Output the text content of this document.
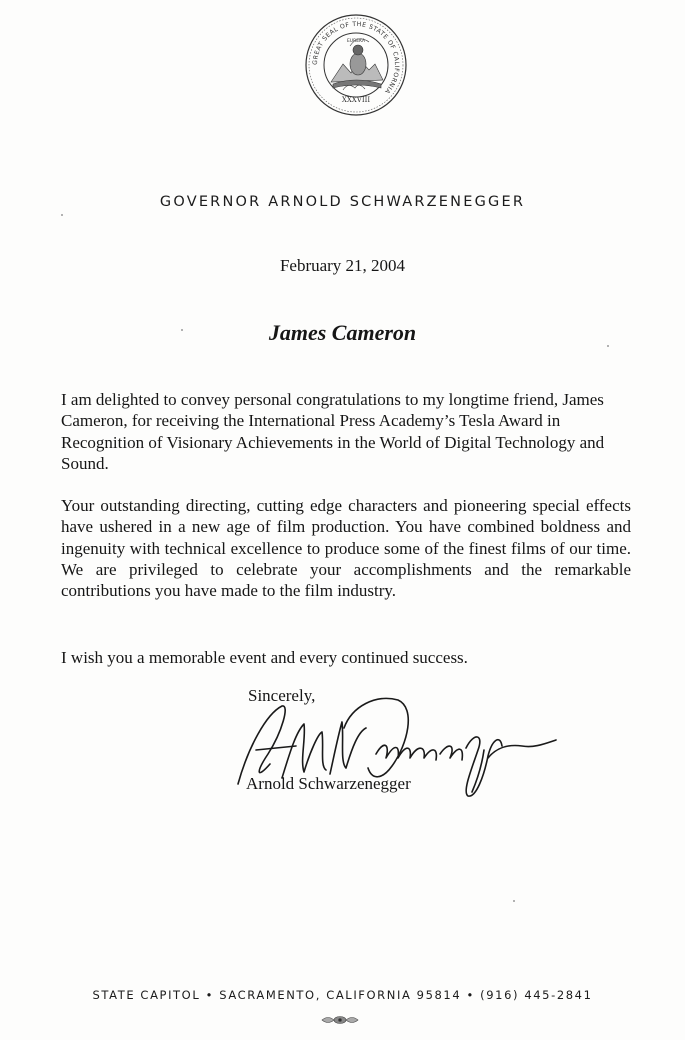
GREAT SEAL OF THE STATE OF CALIFORNIA
XXXVIII
EUREKA
GOVERNOR ARNOLD SCHWARZENEGGER
February 21, 2004
James Cameron

I am delighted to convey personal congratulations to my longtime friend, James Cameron, for receiving the International Press Academy’s Tesla Award in Recognition of Visionary Achievements in the World of Digital Technology and Sound.

Your outstanding directing, cutting edge characters and pioneering special effects have ushered in a new age of film production. You have combined boldness and ingenuity with technical excellence to produce some of the finest films of our time. We are privileged to celebrate your accomplishments and the remarkable contributions you have made to the film industry.

I wish you a memorable event and every continued success.

Sincerely,
Arnold Schwarzenegger
Arnold Schwarzenegger
STATE CAPITOL • SACRAMENTO, CALIFORNIA 95814 • (916) 445-2841
